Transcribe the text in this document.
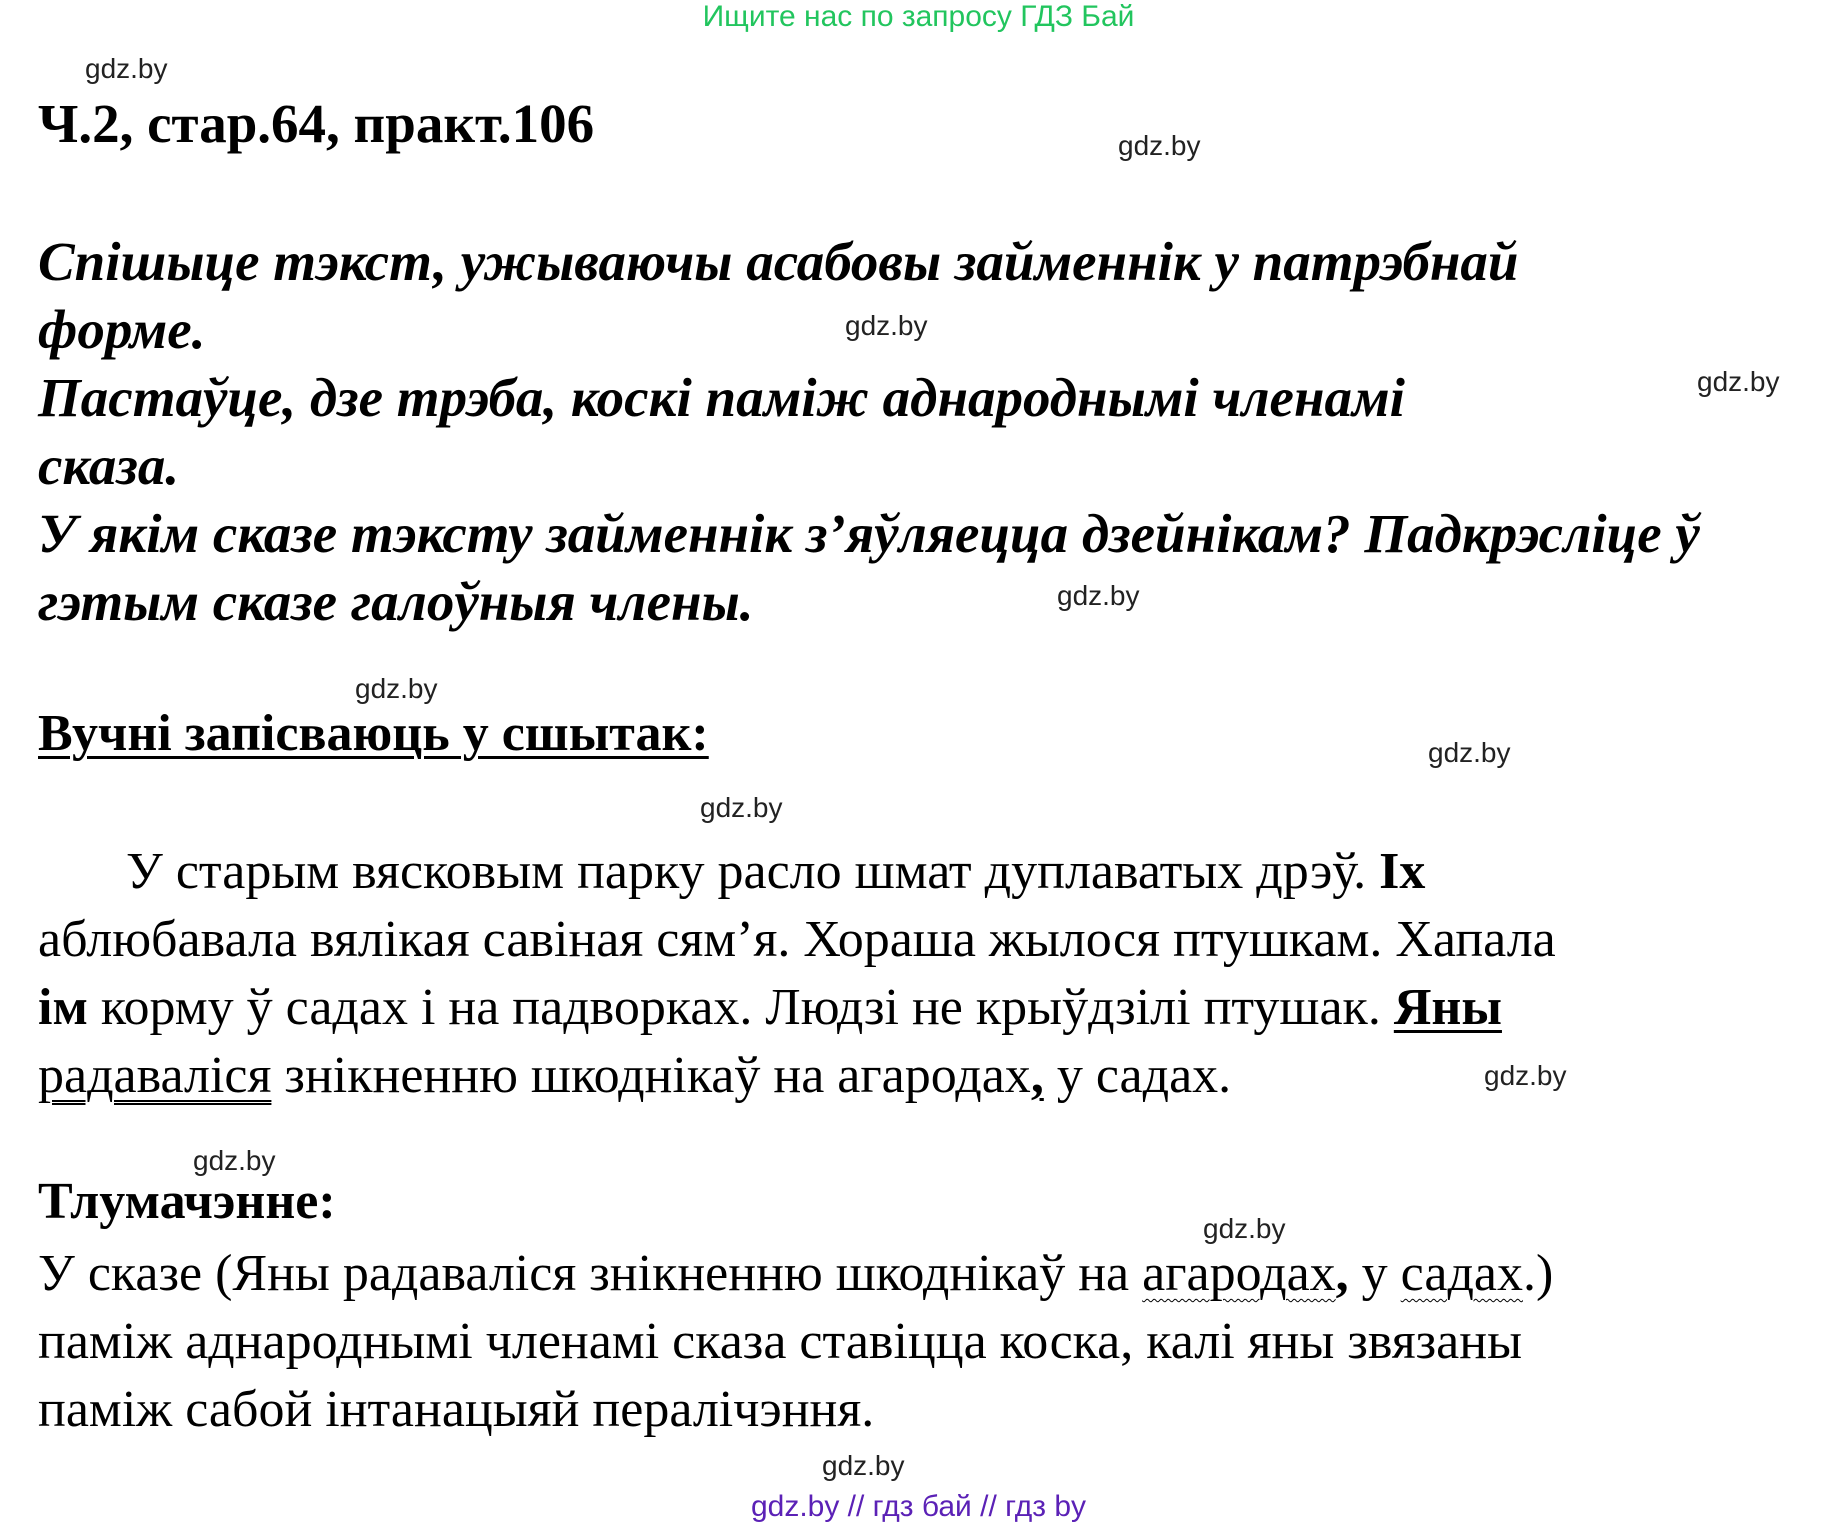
Ищите нас по запросу ГДЗ Бай
gdz.by
gdz.by
gdz.by
gdz.by
gdz.by
gdz.by
gdz.by
gdz.by
gdz.by
gdz.by
gdz.by
gdz.by
Ч.2, стар.64, практ.106

Спішыце тэкст, ужываючы асабовы займеннік у патрэбнай

форме.

Пастаўце, дзе трэба, коскі паміж аднароднымі членамі

сказа.

У якім сказе тэксту займеннік з’яўляецца дзейнікам? Падкрэсліце ў

гэтым сказе галоўныя члены.

Вучні запісваюць у сшытак:
У старым вясковым парку расло шмат дуплаватых дрэў. Іх
аблюбавала вялікая савіная сям’я. Хораша жылося птушкам. Хапала
ім корму ў садах і на падворках. Людзі не крыўдзілі птушак. Яны
радаваліся знікненню шкоднікаў на агародах, у садах.
Тлумачэнне:
У сказе (Яны радаваліся знікненню шкоднікаў на агародах, у садах.)
паміж аднароднымі членамі сказа ставіцца коска, калі яны звязаны
паміж сабой інтанацыяй пералічэння.
gdz.by // гдз бай // гдз by
